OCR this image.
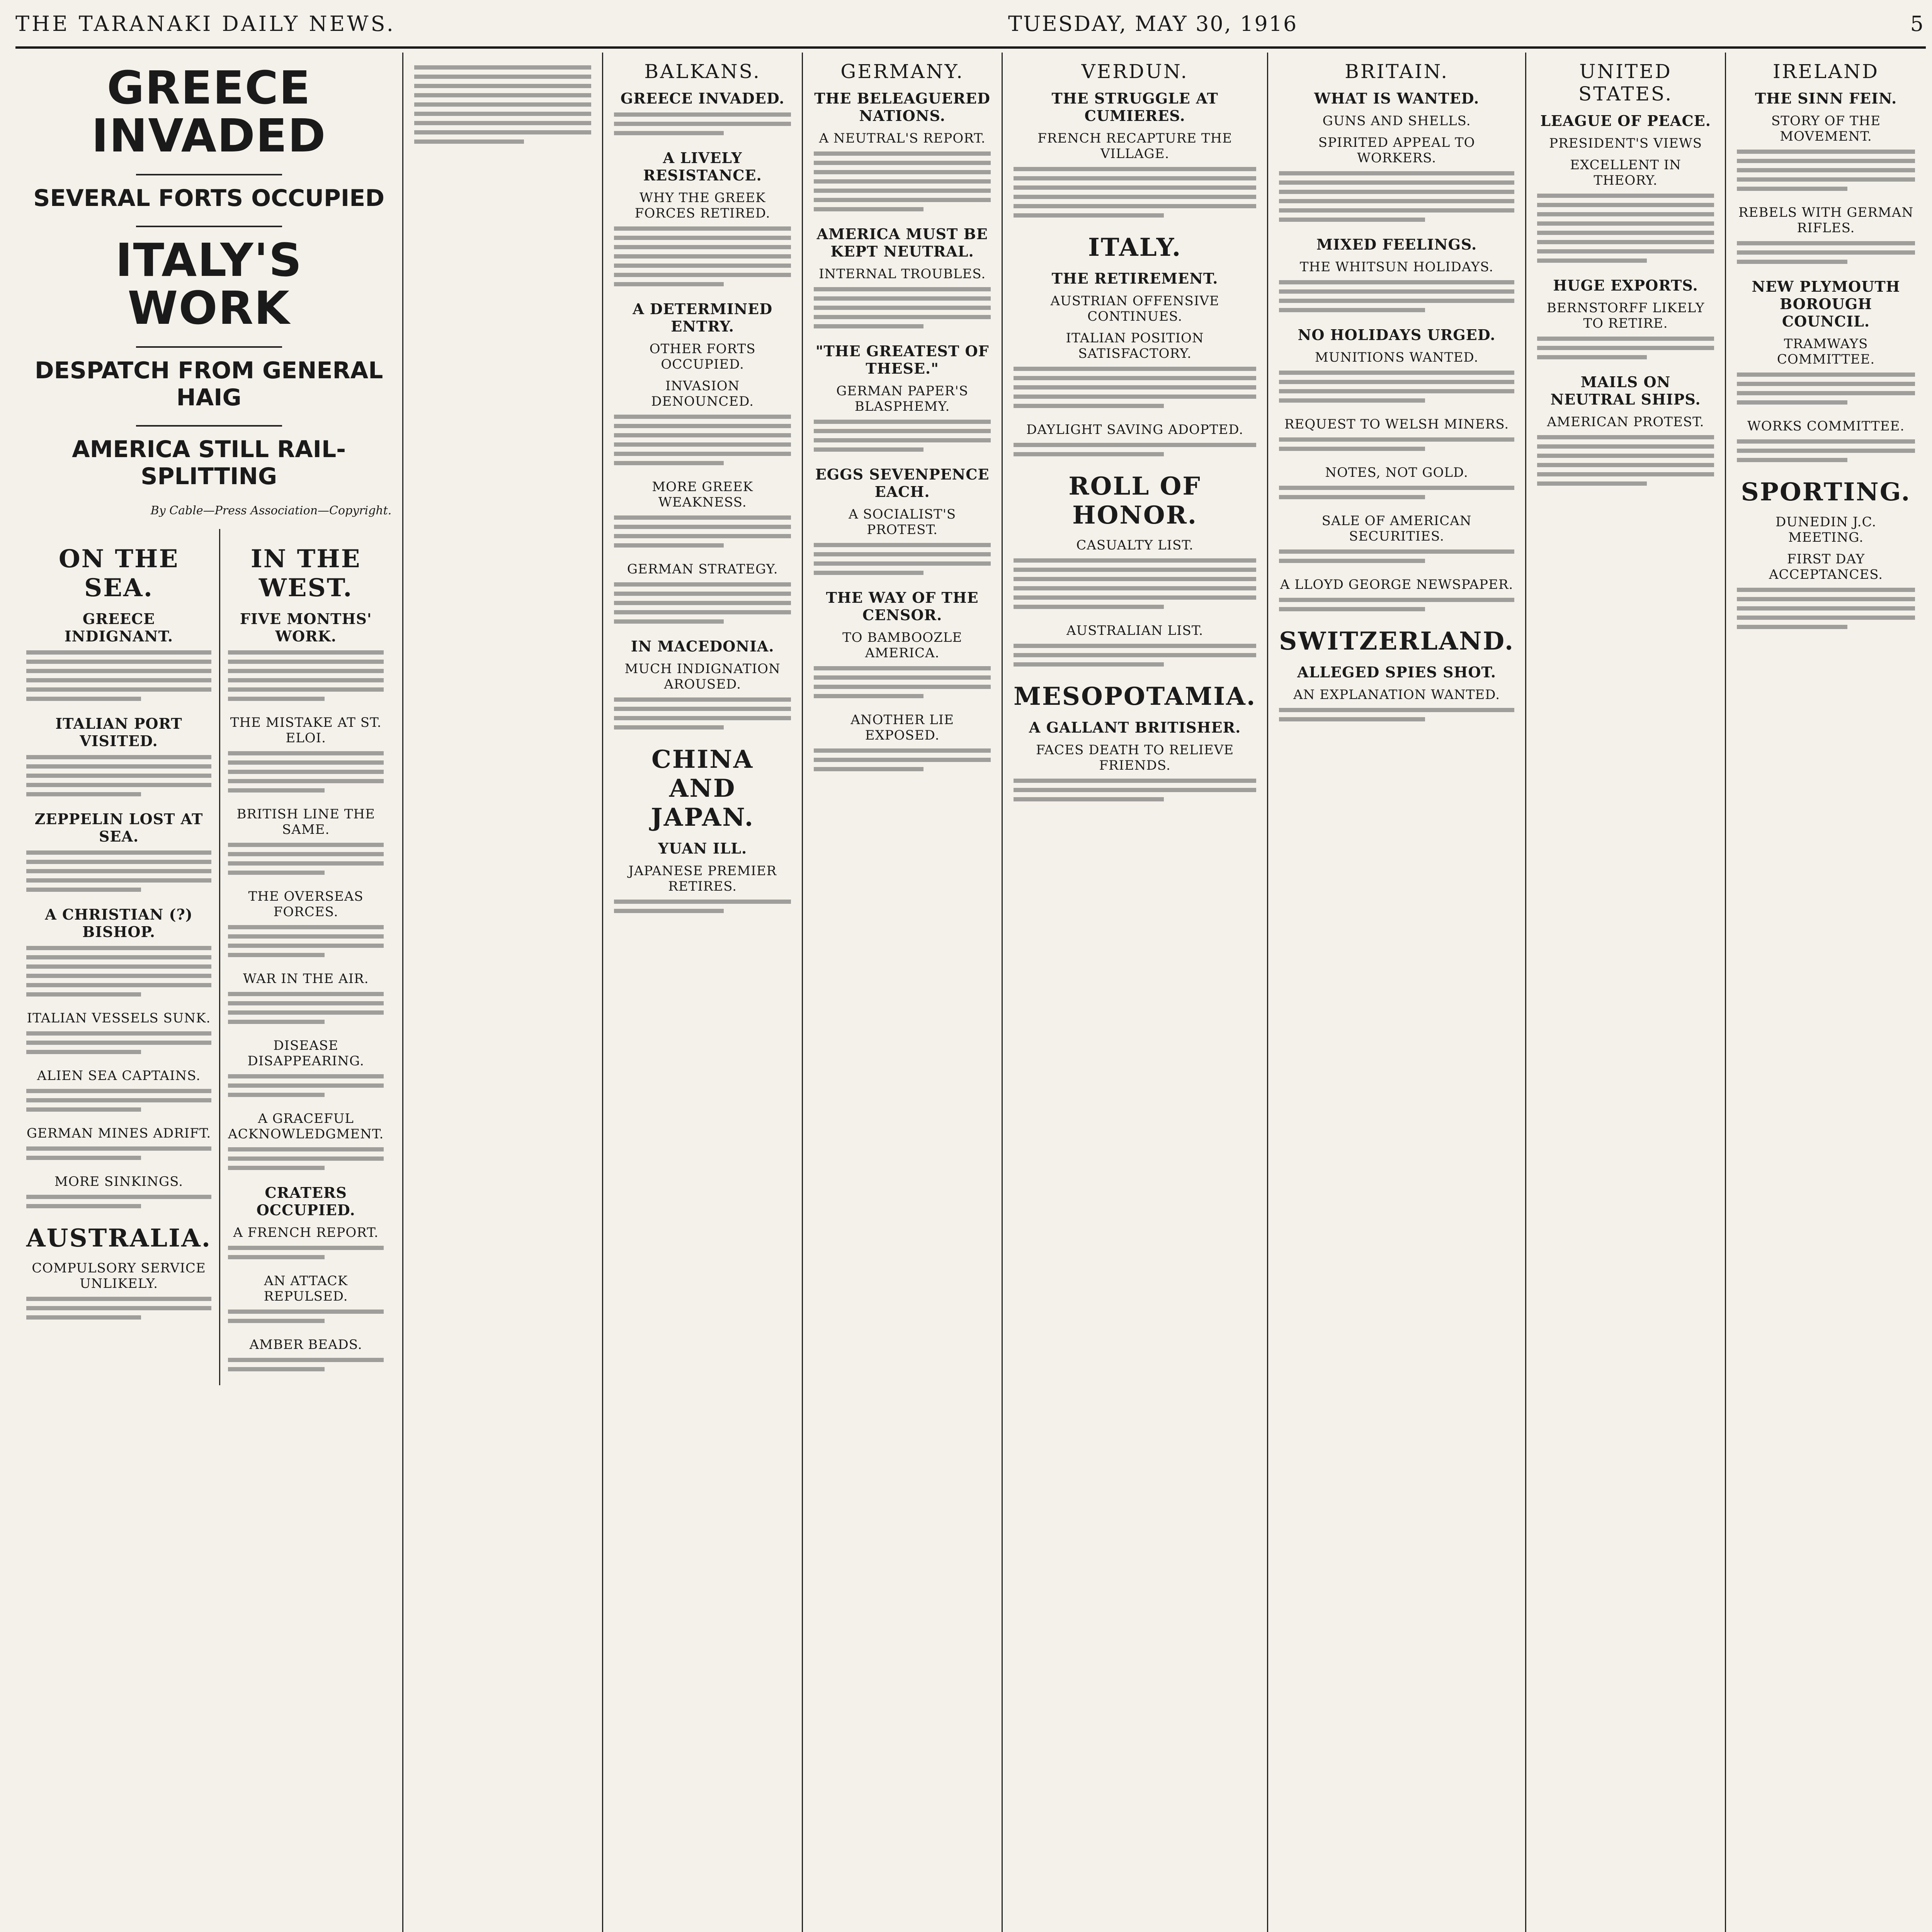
THE TARANAKI DAILY NEWS.	TUESDAY, MAY 30, 1916	5
GREECE INVADED
SEVERAL FORTS OCCUPIED
ITALY'S WORK
DESPATCH FROM GENERAL HAIG
AMERICA STILL RAIL-SPLITTING
By Cable—Press Association—Copyright.
ON THE SEA.
GREECE INDIGNANT.
ITALIAN PORT VISITED.
ZEPPELIN LOST AT SEA.
A CHRISTIAN (?) BISHOP.
ITALIAN VESSELS SUNK.
ALIEN SEA CAPTAINS.
GERMAN MINES ADRIFT.
MORE SINKINGS.
AUSTRALIA.
COMPULSORY SERVICE UNLIKELY.
IN THE WEST.
FIVE MONTHS' WORK.
THE MISTAKE AT ST. ELOI.
BRITISH LINE THE SAME.
THE OVERSEAS FORCES.
WAR IN THE AIR.
DISEASE DISAPPEARING.
A GRACEFUL ACKNOWLEDGMENT.
CRATERS OCCUPIED.
A FRENCH REPORT.
AN ATTACK REPULSED.
AMBER BEADS.
BALKANS.
GREECE INVADED.
A LIVELY RESISTANCE.
WHY THE GREEK FORCES RETIRED.
A DETERMINED ENTRY.
OTHER FORTS OCCUPIED.
INVASION DENOUNCED.
MORE GREEK WEAKNESS.
GERMAN STRATEGY.
IN MACEDONIA.
MUCH INDIGNATION AROUSED.
CHINA AND JAPAN.
YUAN ILL.
JAPANESE PREMIER RETIRES.
GERMANY.
THE BELEAGUERED NATIONS.
A NEUTRAL'S REPORT.
AMERICA MUST BE KEPT NEUTRAL.
INTERNAL TROUBLES.
"THE GREATEST OF THESE."
GERMAN PAPER'S BLASPHEMY.
EGGS SEVENPENCE EACH.
A SOCIALIST'S PROTEST.
THE WAY OF THE CENSOR.
TO BAMBOOZLE AMERICA.
ANOTHER LIE EXPOSED.
VERDUN.
THE STRUGGLE AT CUMIERES.
FRENCH RECAPTURE THE VILLAGE.
ITALY.
THE RETIREMENT.
AUSTRIAN OFFENSIVE CONTINUES.
ITALIAN POSITION SATISFACTORY.
DAYLIGHT SAVING ADOPTED.
ROLL OF HONOR.
CASUALTY LIST.
AUSTRALIAN LIST.
MESOPOTAMIA.
A GALLANT BRITISHER.
FACES DEATH TO RELIEVE FRIENDS.
BRITAIN.
WHAT IS WANTED.
GUNS AND SHELLS.
SPIRITED APPEAL TO WORKERS.
MIXED FEELINGS.
THE WHITSUN HOLIDAYS.
NO HOLIDAYS URGED.
MUNITIONS WANTED.
REQUEST TO WELSH MINERS.
NOTES, NOT GOLD.
SALE OF AMERICAN SECURITIES.
A LLOYD GEORGE NEWSPAPER.
SWITZERLAND.
ALLEGED SPIES SHOT.
AN EXPLANATION WANTED.
UNITED STATES.
LEAGUE OF PEACE.
PRESIDENT'S VIEWS
EXCELLENT IN THEORY.
HUGE EXPORTS.
BERNSTORFF LIKELY TO RETIRE.
MAILS ON NEUTRAL SHIPS.
AMERICAN PROTEST.
IRELAND
THE SINN FEIN.
STORY OF THE MOVEMENT.
REBELS WITH GERMAN RIFLES.
NEW PLYMOUTH BOROUGH COUNCIL.
TRAMWAYS COMMITTEE.
WORKS COMMITTEE.
SPORTING.
DUNEDIN J.C. MEETING.
FIRST DAY ACCEPTANCES.
